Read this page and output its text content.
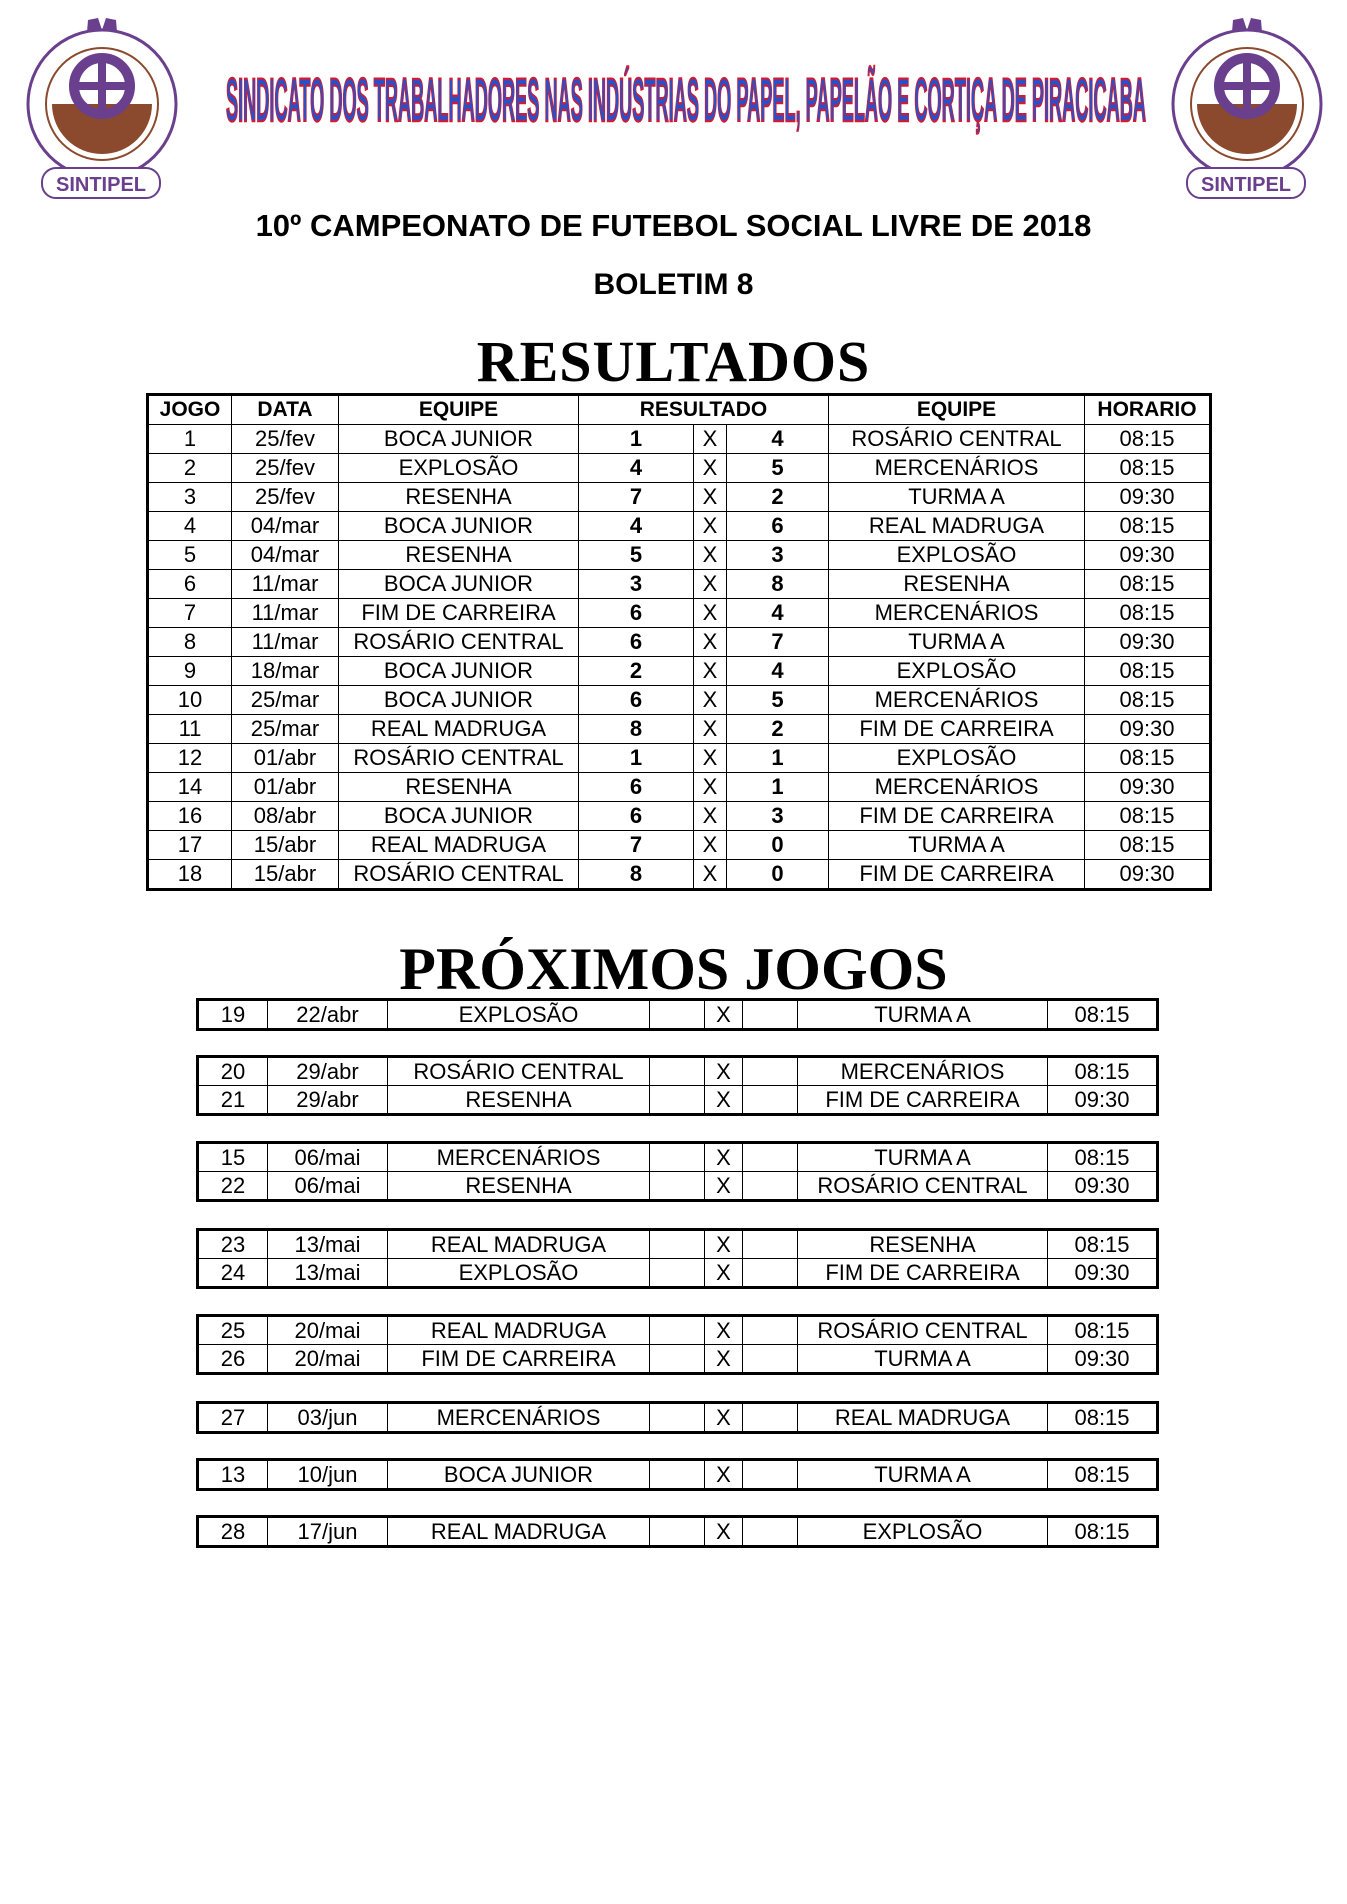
SINTIPEL
SINDICATO DOS TRABALHADORES NAS INDÚSTRIAS DO PAPEL, PAPELÃO E CORTIÇA DE PIRACICABA
SINTIPEL
10º CAMPEONATO DE FUTEBOL SOCIAL LIVRE DE 2018
BOLETIM 8
RESULTADOS
JOGO	DATA	EQUIPE	RESULTADO			EQUIPE	HORARIO
1	25/fev	BOCA JUNIOR	1	X	4	ROSÁRIO CENTRAL	08:15
2	25/fev	EXPLOSÃO	4	X	5	MERCENÁRIOS	08:15
3	25/fev	RESENHA	7	X	2	TURMA A	09:30
4	04/mar	BOCA JUNIOR	4	X	6	REAL MADRUGA	08:15
5	04/mar	RESENHA	5	X	3	EXPLOSÃO	09:30
6	11/mar	BOCA JUNIOR	3	X	8	RESENHA	08:15
7	11/mar	FIM DE CARREIRA	6	X	4	MERCENÁRIOS	08:15
8	11/mar	ROSÁRIO CENTRAL	6	X	7	TURMA A	09:30
9	18/mar	BOCA JUNIOR	2	X	4	EXPLOSÃO	08:15
10	25/mar	BOCA JUNIOR	6	X	5	MERCENÁRIOS	08:15
11	25/mar	REAL MADRUGA	8	X	2	FIM DE CARREIRA	09:30
12	01/abr	ROSÁRIO CENTRAL	1	X	1	EXPLOSÃO	08:15
14	01/abr	RESENHA	6	X	1	MERCENÁRIOS	09:30
16	08/abr	BOCA JUNIOR	6	X	3	FIM DE CARREIRA	08:15
17	15/abr	REAL MADRUGA	7	X	0	TURMA A	08:15
18	15/abr	ROSÁRIO CENTRAL	8	X	0	FIM DE CARREIRA	09:30
PRÓXIMOS JOGOS
19	22/abr	EXPLOSÃO		X		TURMA A	08:15
20	29/abr	ROSÁRIO CENTRAL		X		MERCENÁRIOS	08:15
21	29/abr	RESENHA		X		FIM DE CARREIRA	09:30
15	06/mai	MERCENÁRIOS		X		TURMA A	08:15
22	06/mai	RESENHA		X		ROSÁRIO CENTRAL	09:30
23	13/mai	REAL MADRUGA		X		RESENHA	08:15
24	13/mai	EXPLOSÃO		X		FIM DE CARREIRA	09:30
25	20/mai	REAL MADRUGA		X		ROSÁRIO CENTRAL	08:15
26	20/mai	FIM DE CARREIRA		X		TURMA A	09:30
27	03/jun	MERCENÁRIOS		X		REAL MADRUGA	08:15
13	10/jun	BOCA JUNIOR		X		TURMA A	08:15
28	17/jun	REAL MADRUGA		X		EXPLOSÃO	08:15
